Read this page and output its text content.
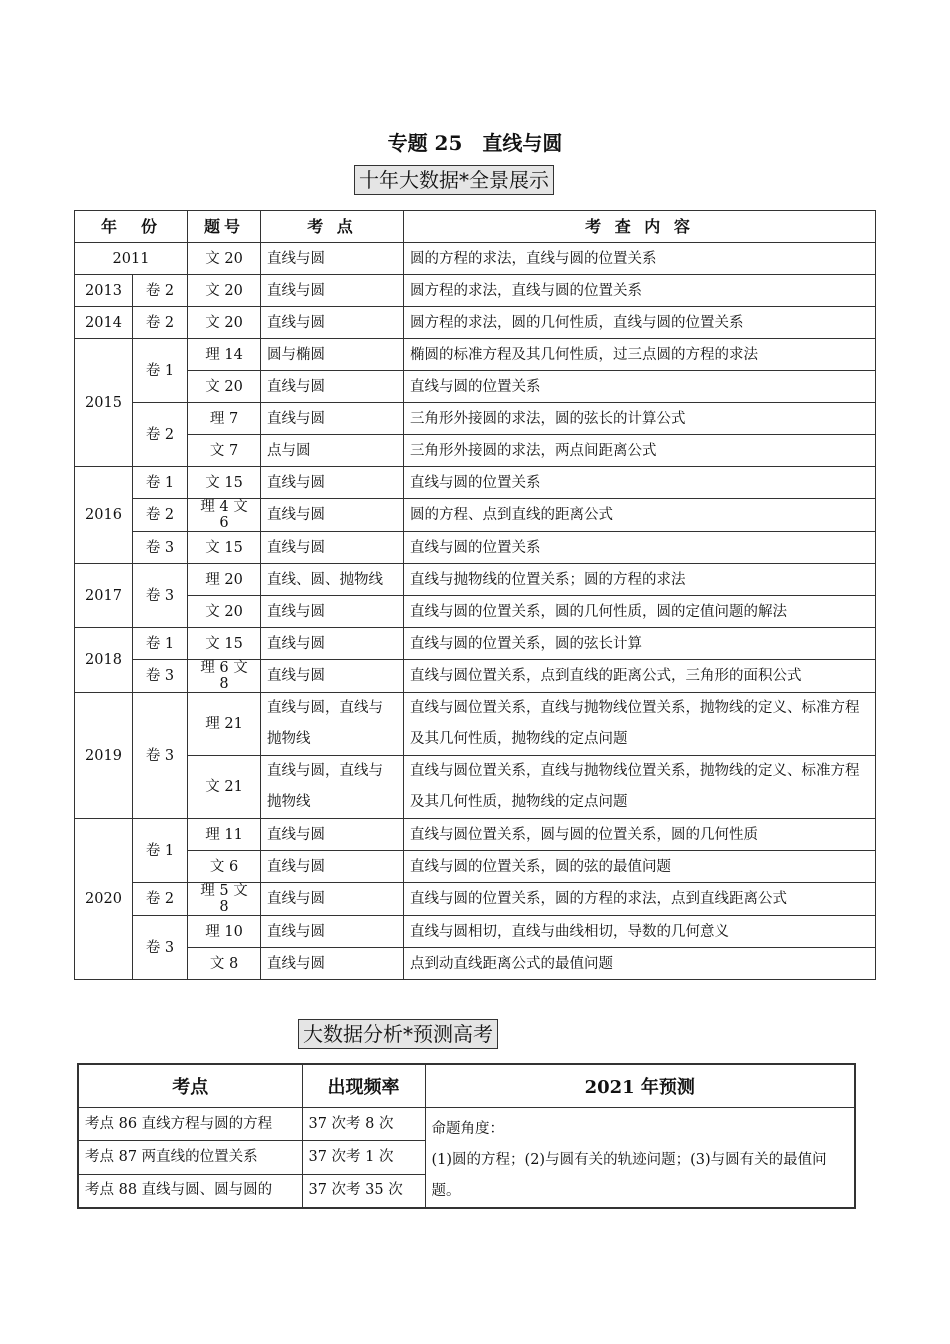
专题 25　直线与圆
十年大数据*全景展示
年　份		题号	考 点	考 查 内 容
2011		文 20	直线与圆	圆的方程的求法，直线与圆的位置关系
2013	卷 2	文 20	直线与圆	圆方程的求法，直线与圆的位置关系
2014	卷 2	文 20	直线与圆	圆方程的求法，圆的几何性质，直线与圆的位置关系
2015	卷 1	理 14	圆与椭圆	椭圆的标准方程及其几何性质，过三点圆的方程的求法
		文 20	直线与圆	直线与圆的位置关系
	卷 2	理 7	直线与圆	三角形外接圆的求法，圆的弦长的计算公式
		文 7	点与圆	三角形外接圆的求法，两点间距离公式
2016	卷 1	文 15	直线与圆	直线与圆的位置关系
	卷 2	理 4 文 6	直线与圆	圆的方程、点到直线的距离公式
	卷 3	文 15	直线与圆	直线与圆的位置关系
2017	卷 3	理 20	直线、圆、抛物线	直线与抛物线的位置关系；圆的方程的求法
		文 20	直线与圆	直线与圆的位置关系，圆的几何性质，圆的定值问题的解法
2018	卷 1	文 15	直线与圆	直线与圆的位置关系，圆的弦长计算
	卷 3	理 6 文 8	直线与圆	直线与圆位置关系，点到直线的距离公式，三角形的面积公式
2019	卷 3	理 21	直线与圆，直线与抛物线	直线与圆位置关系，直线与抛物线位置关系，抛物线的定义、标准方程及其几何性质，抛物线的定点问题
		文 21	直线与圆，直线与抛物线	直线与圆位置关系，直线与抛物线位置关系，抛物线的定义、标准方程及其几何性质，抛物线的定点问题
2020	卷 1	理 11	直线与圆	直线与圆位置关系，圆与圆的位置关系，圆的几何性质
		文 6	直线与圆	直线与圆的位置关系，圆的弦的最值问题
	卷 2	理 5 文 8	直线与圆	直线与圆的位置关系，圆的方程的求法，点到直线距离公式
	卷 3	理 10	直线与圆	直线与圆相切，直线与曲线相切，导数的几何意义
		文 8	直线与圆	点到动直线距离公式的最值问题
大数据分析*预测高考
考点	出现频率	2021 年预测
考点 86 直线方程与圆的方程	37 次考 8 次	命题角度：
(1)圆的方程；(2)与圆有关的轨迹问题；(3)与圆有关的最值问题。

考点 87 两直线的位置关系	37 次考 1 次	
考点 88 直线与圆、圆与圆的	37 次考 35 次	
